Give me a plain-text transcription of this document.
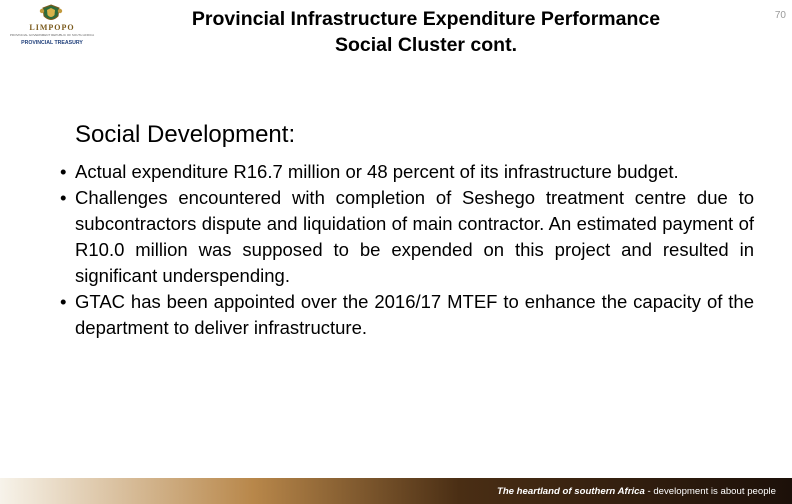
LIMPOPO
PROVINCIAL GOVERNMENT REPUBLIC OF SOUTH AFRICA
PROVINCIAL TREASURY
Provincial Infrastructure Expenditure Performance
Social Cluster cont.
70
Social Development:
• Actual expenditure R16.7 million or 48 percent of its infrastructure budget.
• Challenges encountered with completion of Seshego treatment centre due to subcontractors dispute and liquidation of main contractor. An estimated payment of R10.0 million was supposed to be expended on this project and resulted in significant underspending.
• GTAC has been appointed over the 2016/17 MTEF to enhance the capacity of the department to deliver infrastructure.
The heartland of southern Africa - development is about people
